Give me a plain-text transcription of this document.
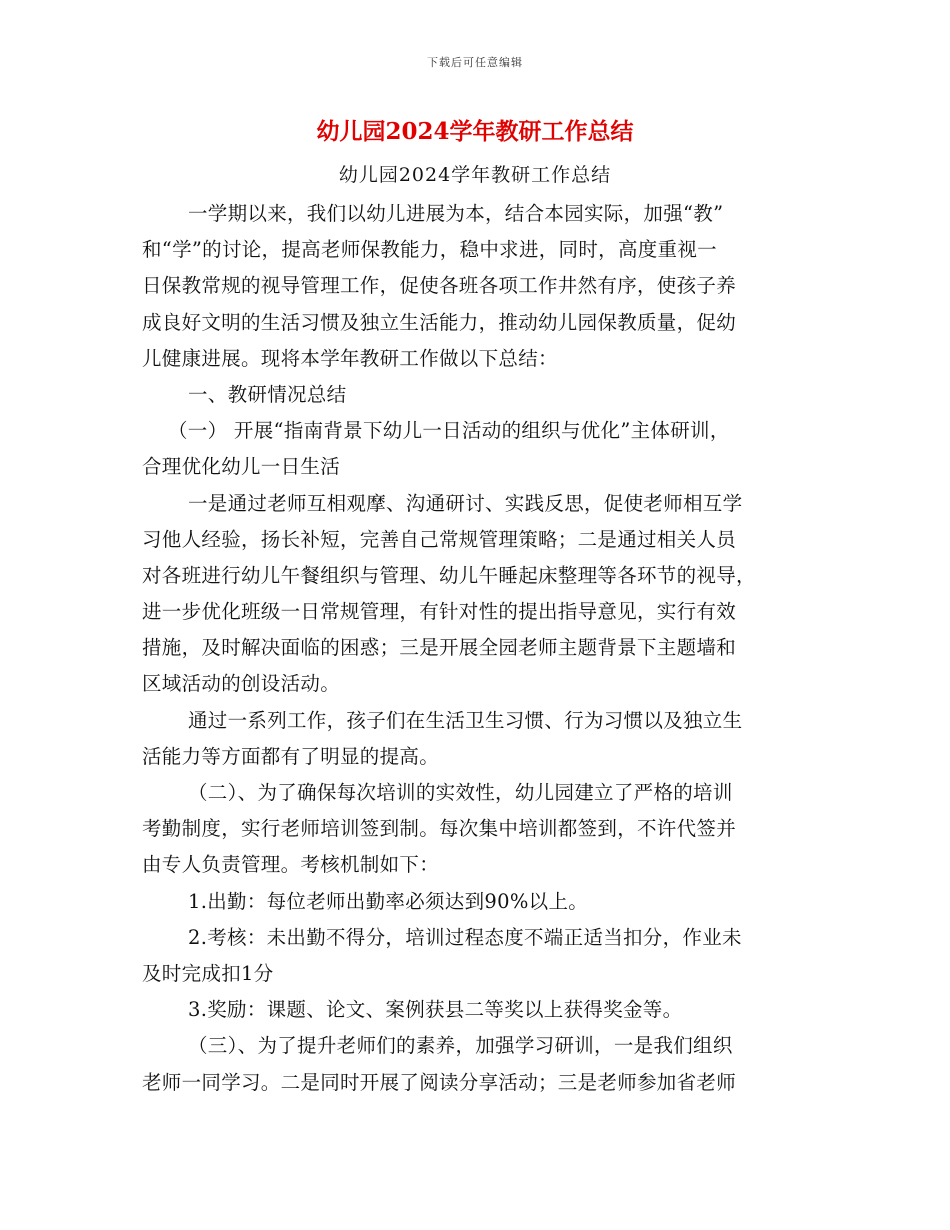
下载后可任意编辑
幼儿园2024学年教研工作总结
幼儿园2024学年教研工作总结
一学期以来，我们以幼儿进展为本，结合本园实际，加强“教”
和“学”的讨论，提高老师保教能力，稳中求进，同时，高度重视一
日保教常规的视导管理工作，促使各班各项工作井然有序，使孩子养
成良好文明的生活习惯及独立生活能力，推动幼儿园保教质量，促幼
儿健康进展。现将本学年教研工作做以下总结：
一、教研情况总结
（一） 开展“指南背景下幼儿一日活动的组织与优化”主体研训，
合理优化幼儿一日生活
一是通过老师互相观摩、沟通研讨、实践反思，促使老师相互学
习他人经验，扬长补短，完善自己常规管理策略；二是通过相关人员
对各班进行幼儿午餐组织与管理、幼儿午睡起床整理等各环节的视导，
进一步优化班级一日常规管理，有针对性的提出指导意见，实行有效
措施，及时解决面临的困惑；三是开展全园老师主题背景下主题墙和
区域活动的创设活动。
通过一系列工作，孩子们在生活卫生习惯、行为习惯以及独立生
活能力等方面都有了明显的提高。
（二）、为了确保每次培训的实效性，幼儿园建立了严格的培训
考勤制度，实行老师培训签到制。每次集中培训都签到，不许代签并
由专人负责管理。考核机制如下：
1.出勤：每位老师出勤率必须达到90%以上。
2.考核：未出勤不得分，培训过程态度不端正适当扣分，作业未
及时完成扣1分
3.奖励：课题、论文、案例获县二等奖以上获得奖金等。
（三）、为了提升老师们的素养，加强学习研训，一是我们组织
老师一同学习。二是同时开展了阅读分享活动；三是老师参加省老师
